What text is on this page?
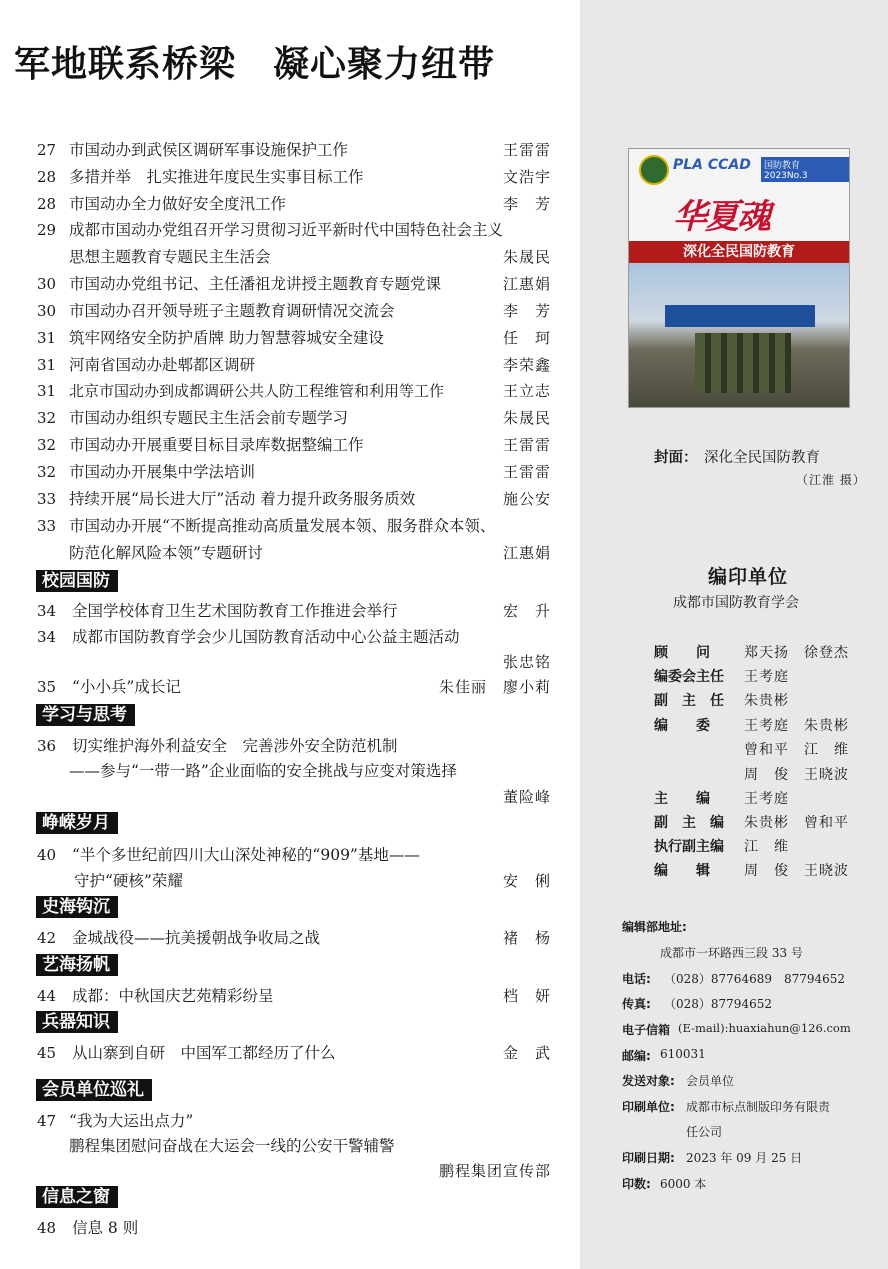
军地联系桥梁　凝心聚力纽带
27 市国动办到武侯区调研军事设施保护工作	王雷雷
28 多措并举　扎实推进年度民生实事目标工作	文浩宇
28 市国动办全力做好安全度汛工作	李　芳
29 成都市国动办党组召开学习贯彻习近平新时代中国特色社会主义
思想主题教育专题民主生活会	朱晟民
30 市国动办党组书记、主任潘祖龙讲授主题教育专题党课	江惠娟
30 市国动办召开领导班子主题教育调研情况交流会	李　芳
31 筑牢网络安全防护盾牌 助力智慧蓉城安全建设	任　珂
31 河南省国动办赴郫都区调研	李荣鑫
31 北京市国动办到成都调研公共人防工程维管和利用等工作	王立志
32 市国动办组织专题民主生活会前专题学习	朱晟民
32 市国动办开展重要目标目录库数据整编工作	王雷雷
32 市国动办开展集中学法培训	王雷雷
33 持续开展“局长进大厅”活动 着力提升政务服务质效	施公安
33 市国动办开展“不断提高推动高质量发展本领、服务群众本领、
防范化解风险本领”专题研讨	江惠娟
校园国防
34 全国学校体育卫生艺术国防教育工作推进会举行	宏　升
34 成都市国防教育学会少儿国防教育活动中心公益主题活动
张忠铭
35 “小小兵”成长记	朱佳丽　廖小莉
学习与思考
36 切实维护海外利益安全　完善涉外安全防范机制
——参与“一带一路”企业面临的安全挑战与应变对策选择
董险峰
峥嵘岁月
40 “半个多世纪前四川大山深处神秘的“909”基地——
守护“硬核”荣耀	安　俐
史海钩沉
42 金城战役——抗美援朝战争收局之战	褚　杨
艺海扬帆
44 成都：中秋国庆艺苑精彩纷呈	档　妍
兵器知识
45 从山寨到自研　中国军工都经历了什么	金　武
会员单位巡礼
47 “我为大运出点力”
鹏程集团慰问奋战在大运会一线的公安干警辅警
鹏程集团宣传部
信息之窗
48 信息 8 则
PLA CCAD	国防教育 2023No.3
华夏魂
深化全民国防教育
封面： 深化全民国防教育
（江淮 摄）
编印单位
成都市国防教育学会
顾　　问 郑天扬　徐登杰
编委会主任 王考庭
副　主　任 朱贵彬
编　　委 王考庭　朱贵彬
曾和平　江　维
周　俊　王晓波
主　　编 王考庭
副　主　编 朱贵彬　曾和平
执行副主编 江　维
编　　辑 周　俊　王晓波
编辑部地址:
成都市一环路西三段 33 号
电话: （028）87764689　87794652
传真: （028）87794652
电子信箱 (E-mail):huaxiahun@126.com
邮编: 610031
发送对象: 会员单位
印刷单位: 成都市标点制版印务有限责
任公司
印刷日期: 2023 年 09 月 25 日
印数: 6000 本
